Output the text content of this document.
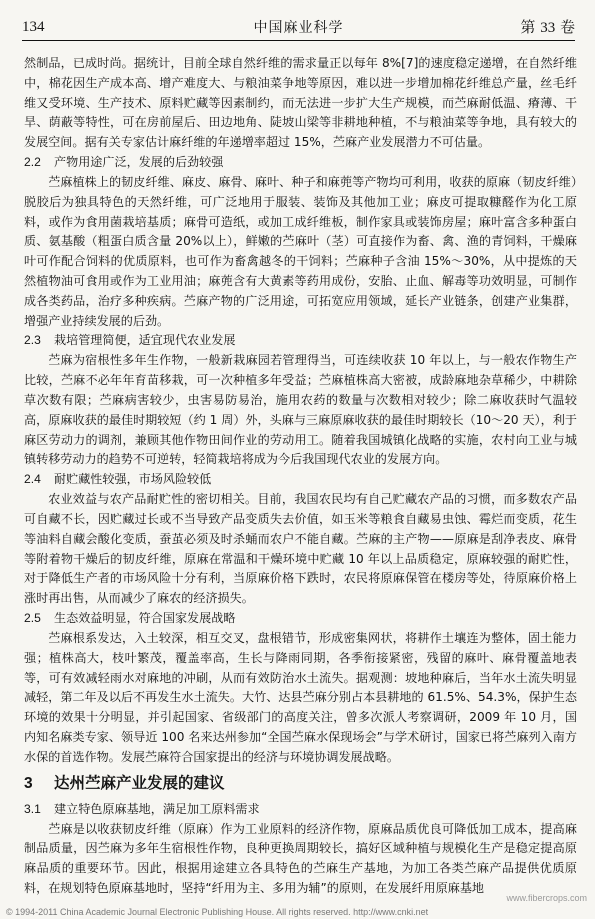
134	中国麻业科学	第 33 卷

然制品，已成时尚。据统计，目前全球自然纤维的需求量正以每年 8%[7]的速度稳定递增，在自然纤维中，棉花因生产成本高、增产难度大、与粮油菜争地等原因，难以进一步增加棉花纤维总产量，丝毛纤维又受环境、生产技术、原料贮藏等因素制约，而无法进一步扩大生产规模，而苎麻耐低温、瘠薄、干旱、荫蔽等特性，可在房前屋后、田边地角、陡坡山梁等非耕地种植，不与粮油菜等争地，具有较大的发展空间。据有关专家估计麻纤维的年递增率超过 15%，苎麻产业发展潜力不可估量。

2.2 产物用途广泛，发展的后劲较强

苎麻植株上的韧皮纤维、麻皮、麻骨、麻叶、种子和麻蔸等产物均可利用，收获的原麻（韧皮纤维）脱胶后为独具特色的天然纤维，可广泛地用于服装、装饰及其他加工业；麻皮可提取糠醛作为化工原料，或作为食用菌栽培基质；麻骨可造纸，或加工成纤维板，制作家具或装饰房屋；麻叶富含多种蛋白质、氨基酸（粗蛋白质含量 20%以上），鲜嫩的苎麻叶（茎）可直接作为畜、禽、渔的青饲料，干燥麻叶可作配合饲料的优质原料，也可作为畜禽越冬的干饲料；苎麻种子含油 15%～30%，从中提炼的天然植物油可食用或作为工业用油；麻蔸含有大黄素等药用成份，安胎、止血、解毒等功效明显，可制作成各类药品，治疗多种疾病。苎麻产物的广泛用途，可拓宽应用领域，延长产业链条，创建产业集群，增强产业持续发展的后劲。

2.3 栽培管理简便，适宜现代农业发展

苎麻为宿根性多年生作物，一般新栽麻园若管理得当，可连续收获 10 年以上，与一般农作物生产比较，苎麻不必年年育苗移栽，可一次种植多年受益；苎麻植株高大密被，成龄麻地杂草稀少，中耕除草次数有限；苎麻病害较少，虫害易防易治，施用农药的数量与次数相对较少；除二麻收获时气温较高，原麻收获的最佳时期较短（约 1 周）外，头麻与三麻原麻收获的最佳时期较长（10～20 天），利于麻区劳动力的调剂，兼顾其他作物田间作业的劳动用工。随着我国城镇化战略的实施，农村向工业与城镇转移劳动力的趋势不可逆转，轻简栽培将成为今后我国现代农业的发展方向。

2.4 耐贮藏性较强，市场风险较低

农业效益与农产品耐贮性的密切相关。目前，我国农民均有自己贮藏农产品的习惯，而多数农产品可自藏不长，因贮藏过长或不当导致产品变质失去价值，如玉米等粮食自藏易虫蚀、霉烂而变质，花生等油料自藏会酸化变质，蚕茧必须及时杀蛹而农户不能自藏。苎麻的主产物——原麻是刮净表皮、麻骨等附着物干燥后的韧皮纤维，原麻在常温和干燥环境中贮藏 10 年以上品质稳定，原麻较强的耐贮性，对于降低生产者的市场风险十分有利，当原麻价格下跌时，农民将原麻保管在楼房等处，待原麻价格上涨时再出售，从而减少了麻农的经济损失。

2.5 生态效益明显，符合国家发展战略

苎麻根系发达，入土较深，相互交叉，盘根错节，形成密集网状，将耕作土壤连为整体，固土能力强；植株高大，枝叶繁茂，覆盖率高，生长与降雨同期，各季衔接紧密，残留的麻叶、麻骨覆盖地表等，可有效减轻雨水对麻地的冲刷，从而有效防治水土流失。据观测：坡地种麻后，当年水土流失明显减轻，第二年及以后不再发生水土流失。大竹、达县苎麻分别占本县耕地的 61.5%、54.3%，保护生态环境的效果十分明显，并引起国家、省级部门的高度关注，曾多次派人考察调研，2009 年 10 月，国内知名麻类专家、领导近 100 名来达州参加“全国苎麻水保现场会”与学术研讨，国家已将苎麻列入南方水保的首选作物。发展苎麻符合国家提出的经济与环境协调发展战略。

3 达州苎麻产业发展的建议
3.1 建立特色原麻基地，满足加工原料需求

苎麻是以收获韧皮纤维（原麻）作为工业原料的经济作物，原麻品质优良可降低加工成本，提高麻制品质量，因苎麻为多年生宿根性作物，良种更换周期较长，搞好区域种植与规模化生产是稳定提高原麻品质的重要环节。因此，根据用途建立各具特色的苎麻生产基地，为加工各类苎麻产品提供优质原料，在规划特色原麻基地时，坚持“纤用为主、多用为辅”的原则，在发展纤用原麻基地

www.fibercrops.com
© 1994-2011 China Academic Journal Electronic Publishing House. All rights reserved. http://www.cnki.net
